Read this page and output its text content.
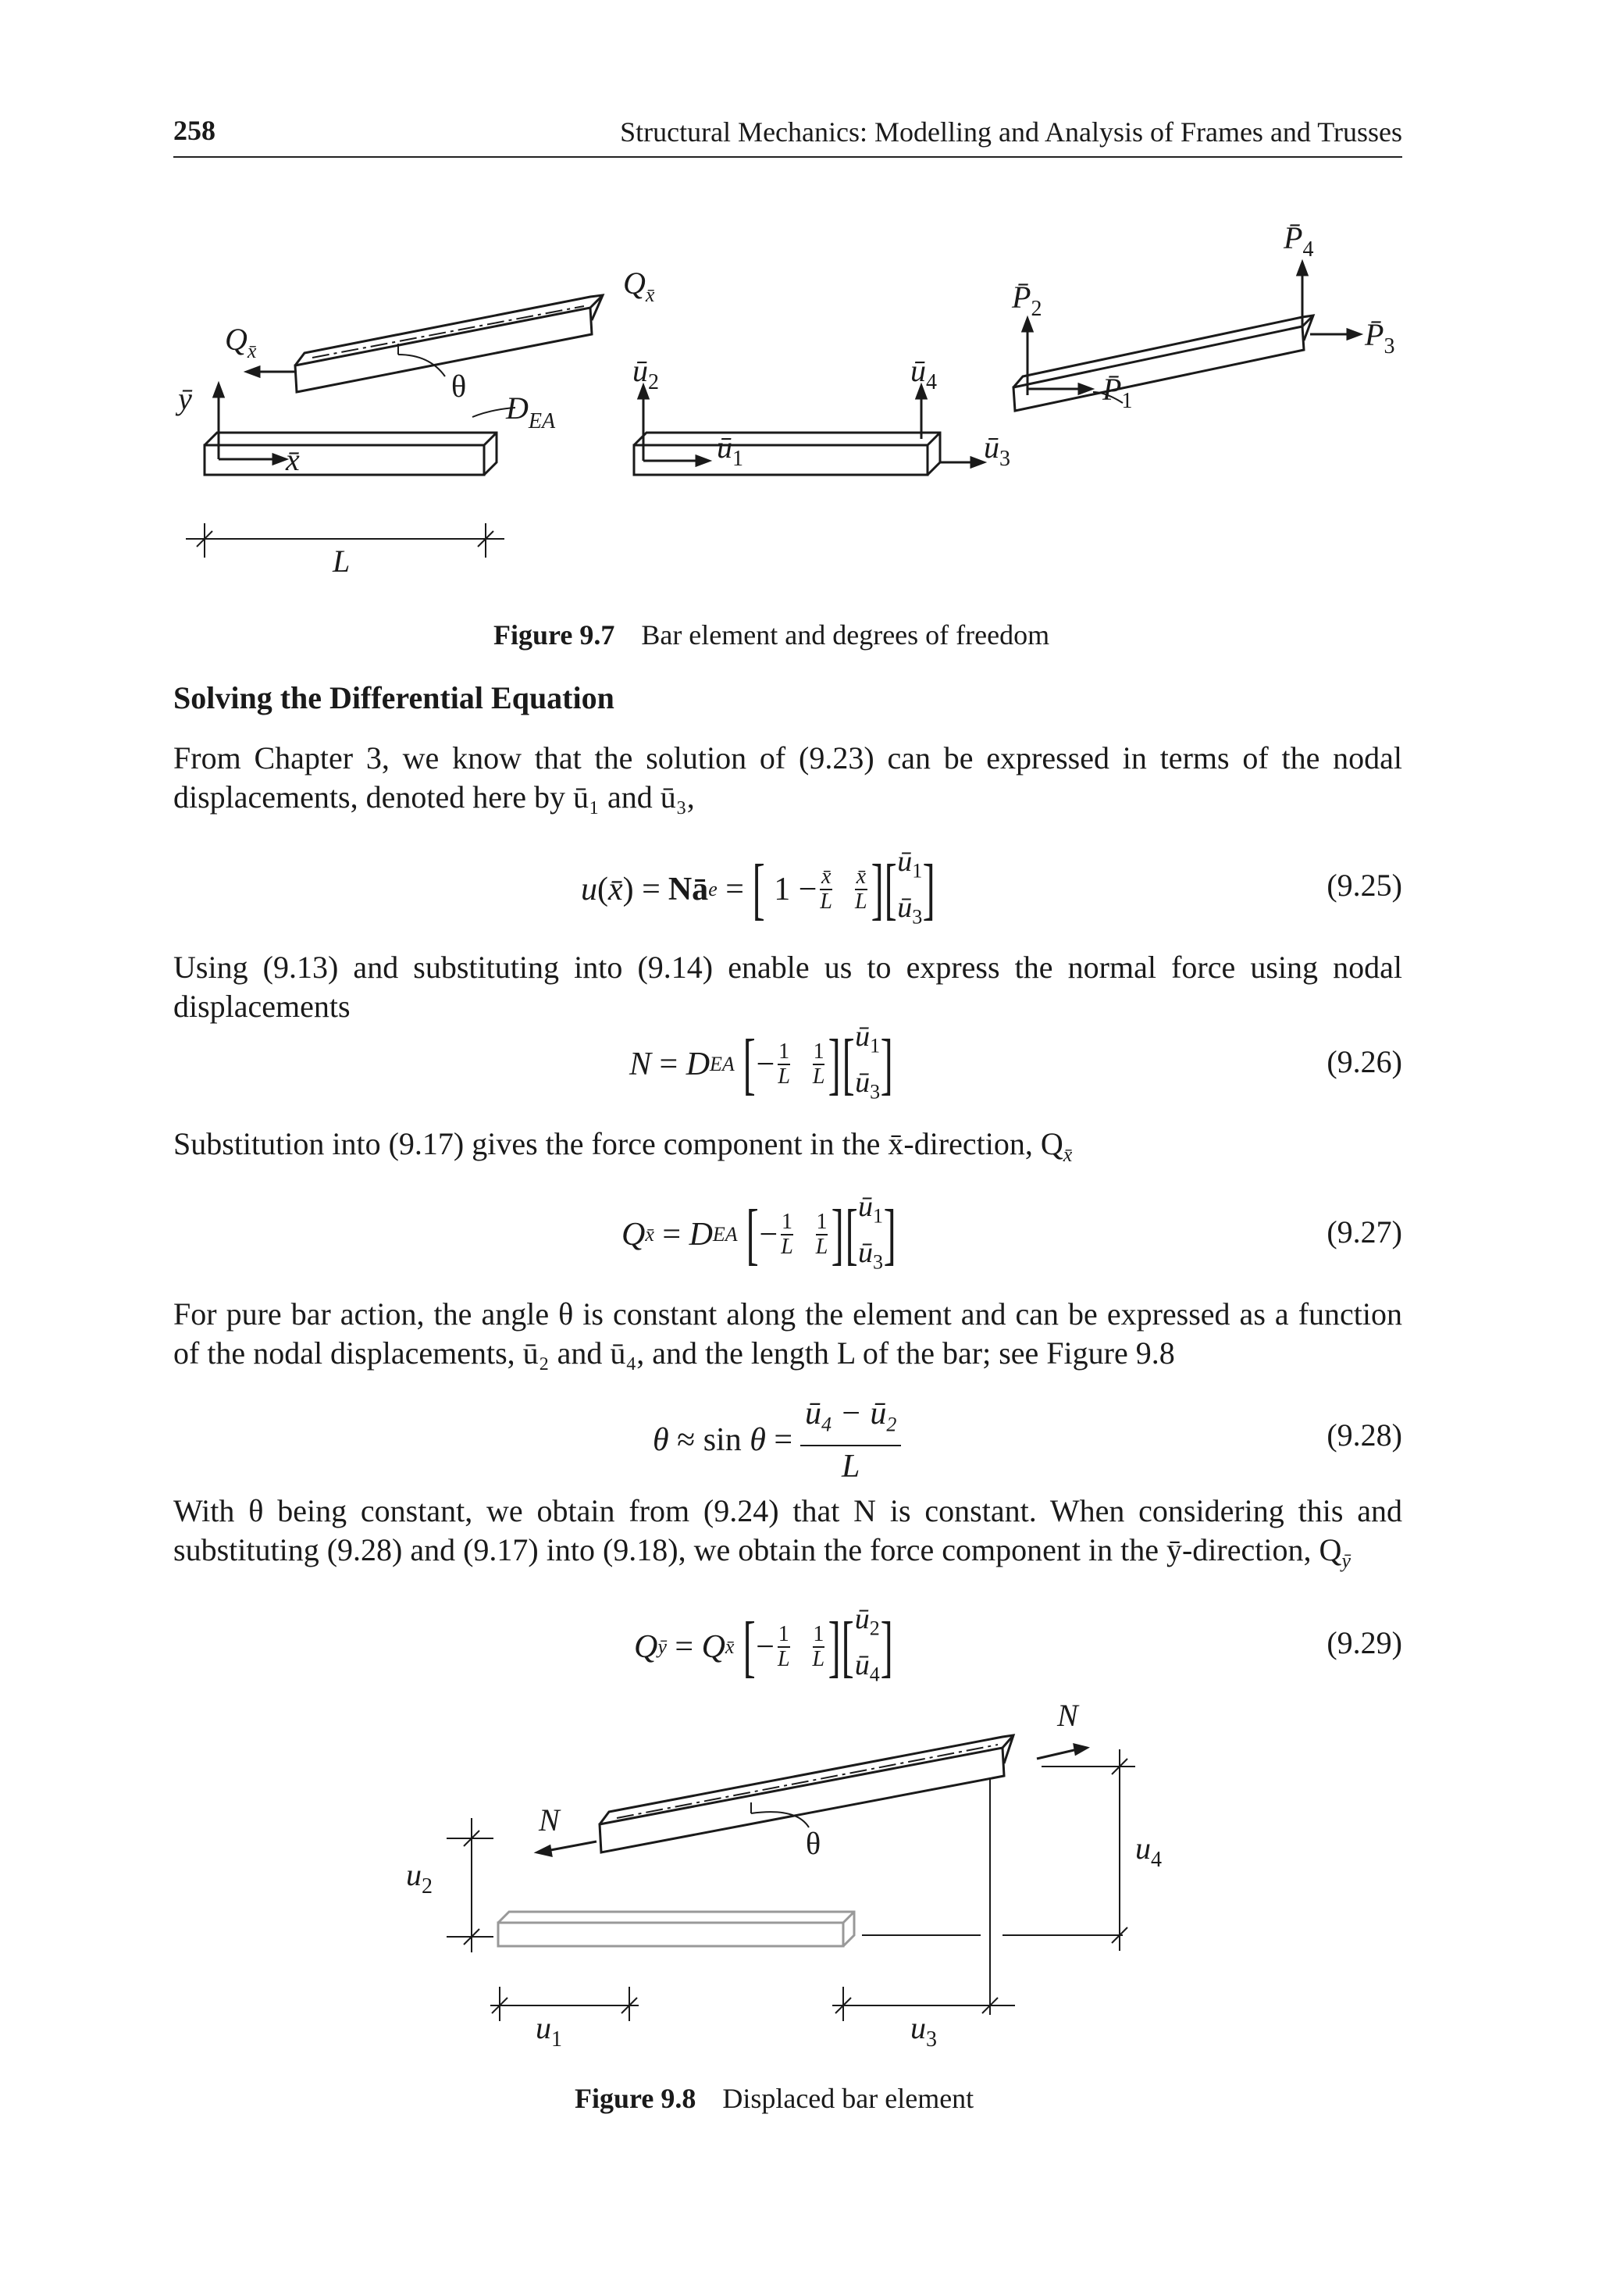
258	Structural Mechanics: Modelling and Analysis of Frames and Trusses
$Q_{x̄}$
$Q_{x̄}$
θ
$D_{EA}$
ȳ
x̄
L
$ū_2$
$ū_1$
$ū_4$
$ū_3$
$P̄_2$
$P̄_1$
$P̄_4$
$P̄_3$
Figure 9.7 Bar element and degrees of freedom
Solving the Differential Equation
From Chapter 3, we know that the solution of (9.23) can be expressed in terms of the nodal displacements, denoted here by ū₁ and ū₃,
u ( x̄ ) = Nā e = [ $1 - \frac{x̄}{L}$
$\frac{x̄}{L}$ ] [ $ū_1$
$ū_3$ ]	(9.25)
Using (9.13) and substituting into (9.14) enable us to express the normal force using nodal displacements
N = D EA
[ − $\frac{1}{L}$
$\frac{1}{L}$ ] [ $ū_1$
$ū_3$ ]	(9.26)
Substitution into (9.17) gives the force component in the x̄-direction, $Q_{x̄}$
Q x̄ = D EA
[ − $\frac{1}{L}$
$\frac{1}{L}$ ] [ $ū_1$
$ū_3$ ]	(9.27)
For pure bar action, the angle θ is constant along the element and can be expressed as a function of the nodal displacements, ū₂ and ū₄, and the length L of the bar; see Figure 9.8
$\theta \approx \sin \theta = \frac{ū_4 - ū_2}{L}$	(9.28)
With θ being constant, we obtain from (9.24) that N is constant. When considering this and substituting (9.28) and (9.17) into (9.18), we obtain the force component in the ȳ-direction, $Q_ȳ$
Q ȳ = Q x̄
[ − $\frac{1}{L}$
$\frac{1}{L}$ ] [ $ū_2$
$ū_4$ ]	(9.29)
N
N
θ
$u_2$
$u_1$	$u_3$
$u_4$
Figure 9.8 Displaced bar element
